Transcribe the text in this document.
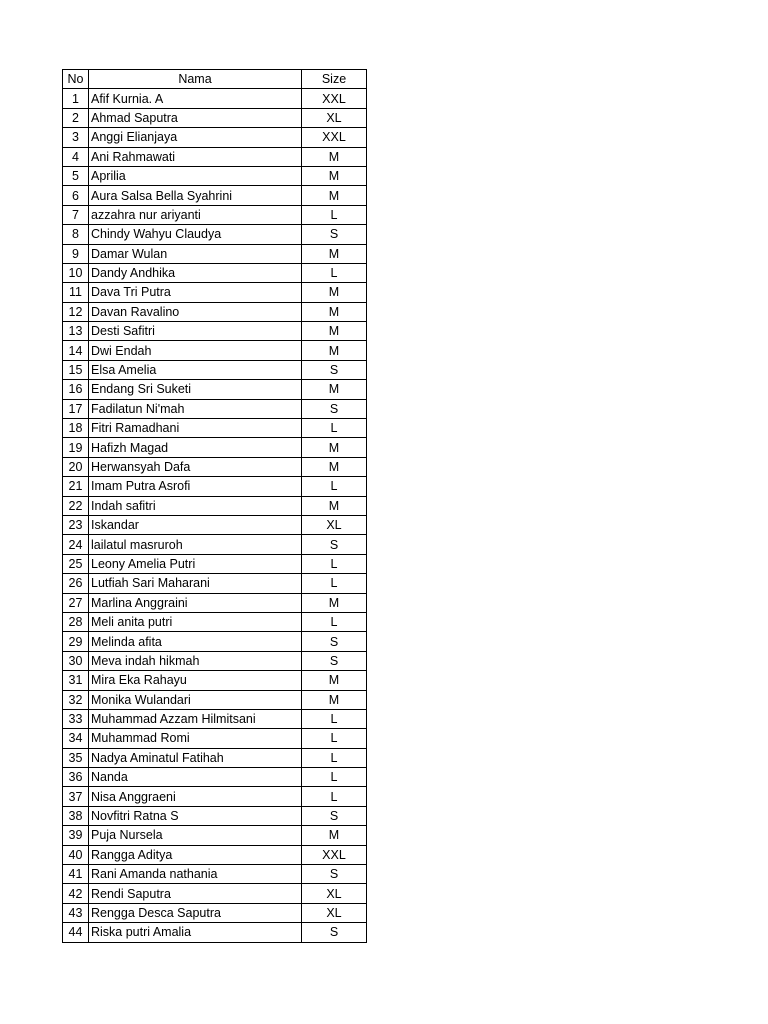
No	Nama	Size
1	Afif Kurnia. A	XXL
2	Ahmad Saputra	XL
3	Anggi Elianjaya	XXL
4	Ani Rahmawati	M
5	Aprilia	M
6	Aura Salsa Bella Syahrini	M
7	azzahra nur ariyanti	L
8	Chindy Wahyu Claudya	S
9	Damar Wulan	M
10	Dandy Andhika	L
11	Dava Tri Putra	M
12	Davan Ravalino	M
13	Desti Safitri	M
14	Dwi Endah	M
15	Elsa Amelia	S
16	Endang Sri Suketi	M
17	Fadilatun Ni'mah	S
18	Fitri Ramadhani	L
19	Hafizh Magad	M
20	Herwansyah Dafa	M
21	Imam Putra Asrofi	L
22	Indah safitri	M
23	Iskandar	XL
24	lailatul masruroh	S
25	Leony Amelia Putri	L
26	Lutfiah Sari Maharani	L
27	Marlina Anggraini	M
28	Meli anita putri	L
29	Melinda afita	S
30	Meva indah hikmah	S
31	Mira Eka Rahayu	M
32	Monika Wulandari	M
33	Muhammad Azzam Hilmitsani	L
34	Muhammad Romi	L
35	Nadya Aminatul Fatihah	L
36	Nanda	L
37	Nisa Anggraeni	L
38	Novfitri Ratna S	S
39	Puja Nursela	M
40	Rangga Aditya	XXL
41	Rani Amanda nathania	S
42	Rendi Saputra	XL
43	Rengga Desca Saputra	XL
44	Riska putri Amalia	S
